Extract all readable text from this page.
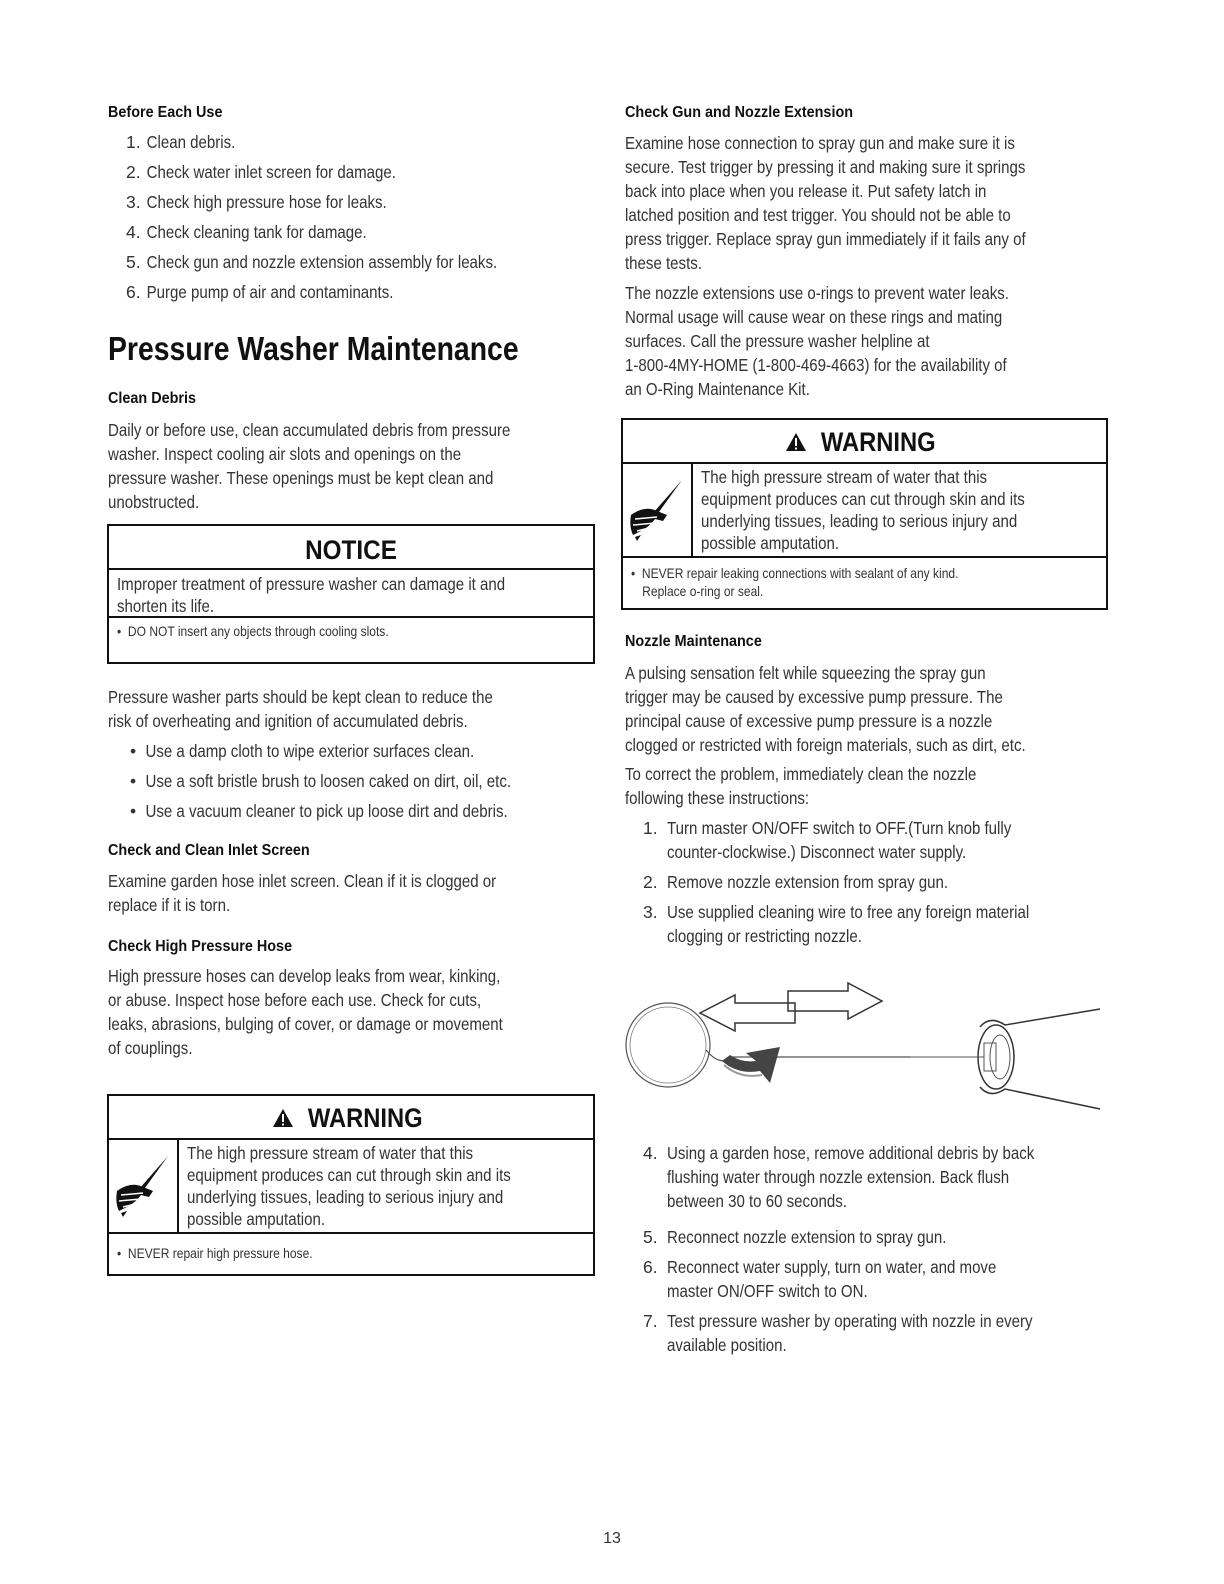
Before Each Use
1. Clean debris.
2. Check water inlet screen for damage.
3. Check high pressure hose for leaks.
4. Check cleaning tank for damage.
5. Check gun and nozzle extension assembly for leaks.
6. Purge pump of air and contaminants.
Pressure Washer Maintenance
Clean Debris
Daily or before use, clean accumulated debris from pressure
washer. Inspect cooling air slots and openings on the
pressure washer. These openings must be kept clean and
unobstructed.
NOTICE
Improper treatment of pressure washer can damage it and
shorten its life.
•  DO NOT insert any objects through cooling slots.
Pressure washer parts should be kept clean to reduce the
risk of overheating and ignition of accumulated debris.
• Use a damp cloth to wipe exterior surfaces clean.
• Use a soft bristle brush to loosen caked on dirt, oil, etc.
• Use a vacuum cleaner to pick up loose dirt and debris.
Check and Clean Inlet Screen
Examine garden hose inlet screen. Clean if it is clogged or
replace if it is torn.
Check High Pressure Hose
High pressure hoses can develop leaks from wear, kinking,
or abuse. Inspect hose before each use. Check for cuts,
leaks, abrasions, bulging of cover, or damage or movement
of couplings.
WARNING
The high pressure stream of water that this
equipment produces can cut through skin and its
underlying tissues, leading to serious injury and
possible amputation.
•  NEVER repair high pressure hose.
Check Gun and Nozzle Extension
Examine hose connection to spray gun and make sure it is
secure. Test trigger by pressing it and making sure it springs
back into place when you release it. Put safety latch in
latched position and test trigger. You should not be able to
press trigger. Replace spray gun immediately if it fails any of
these tests.
The nozzle extensions use o-rings to prevent water leaks.
Normal usage will cause wear on these rings and mating
surfaces. Call the pressure washer helpline at
1-800-4MY-HOME (1-800-469-4663) for the availability of
an O-Ring Maintenance Kit.
WARNING
The high pressure stream of water that this
equipment produces can cut through skin and its
underlying tissues, leading to serious injury and
possible amputation.
•  NEVER repair leaking connections with sealant of any kind.
Replace o-ring or seal.
Nozzle Maintenance
A pulsing sensation felt while squeezing the spray gun
trigger may be caused by excessive pump pressure. The
principal cause of excessive pump pressure is a nozzle
clogged or restricted with foreign materials, such as dirt, etc.
To correct the problem, immediately clean the nozzle
following these instructions:
1. Turn master ON/OFF switch to OFF.(Turn knob fully
counter-clockwise.) Disconnect water supply.
2. Remove nozzle extension from spray gun.
3. Use supplied cleaning wire to free any foreign material
clogging or restricting nozzle.
4. Using a garden hose, remove additional debris by back
flushing water through nozzle extension. Back flush
between 30 to 60 seconds.
5. Reconnect nozzle extension to spray gun.
6. Reconnect water supply, turn on water, and move
master ON/OFF switch to ON.
7. Test pressure washer by operating with nozzle in every
available position.
13
